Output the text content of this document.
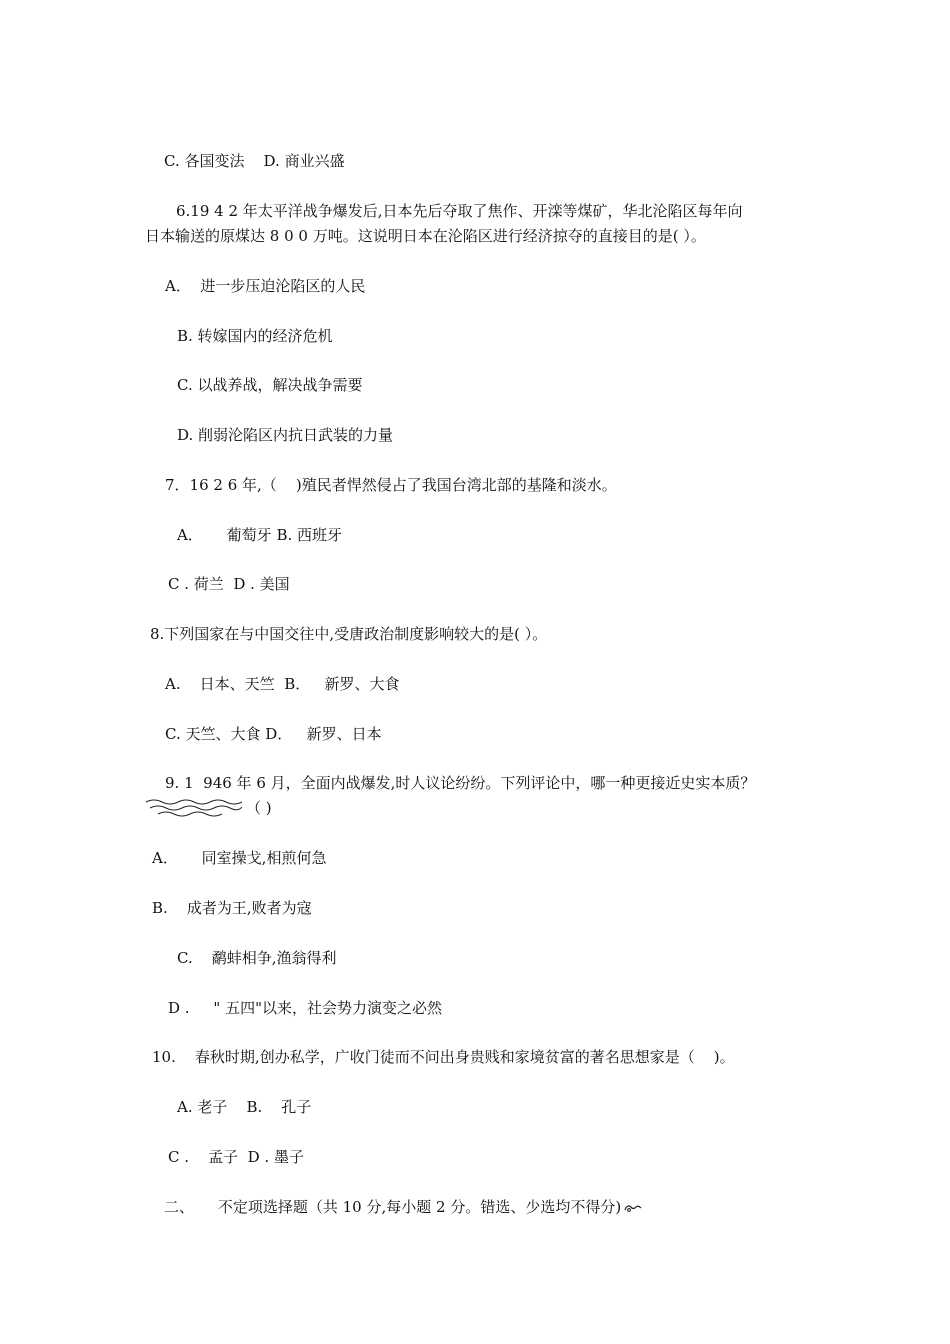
C. 各国变法    D. 商业兴盛
6.19 4 2 年太平洋战争爆发后,日本先后夺取了焦作、开滦等煤矿，华北沦陷区每年向
日本输送的原煤达 8 0 0 万吨。这说明日本在沦陷区进行经济掠夺的直接目的是( ）。
A．  进一步压迫沦陷区的人民
B. 转嫁国内的经济危机
C. 以战养战，解决战争需要
D. 削弱沦陷区内抗日武装的力量
7．16 2 6 年,（    )殖民者悍然侵占了我国台湾北部的基隆和淡水。
A．     葡萄牙 B. 西班牙
C . 荷兰  D . 美国
8.下列国家在与中国交往中,受唐政治制度影响较大的是( ）。
A.    日本、天竺  B．   新罗、大食
C. 天竺、大食 D．   新罗、日本
9. 1  946 年 6 月，全面内战爆发,时人议论纷纷。下列评论中，哪一种更接近史实本质？
（ )
A．     同室操戈,相煎何急
B.    成者为王,败者为寇
C.    鹬蚌相争,渔翁得利
D .     " 五四"以来，社会势力演变之必然
10.    春秋时期,创办私学，广收门徒而不问出身贵贱和家境贫富的著名思想家是（    )。
A. 老子    B.    孔子
C .    孟子  D . 墨子
二、     不定项选择题（共 10 分,每小题 2 分。错选、少选均不得分)
